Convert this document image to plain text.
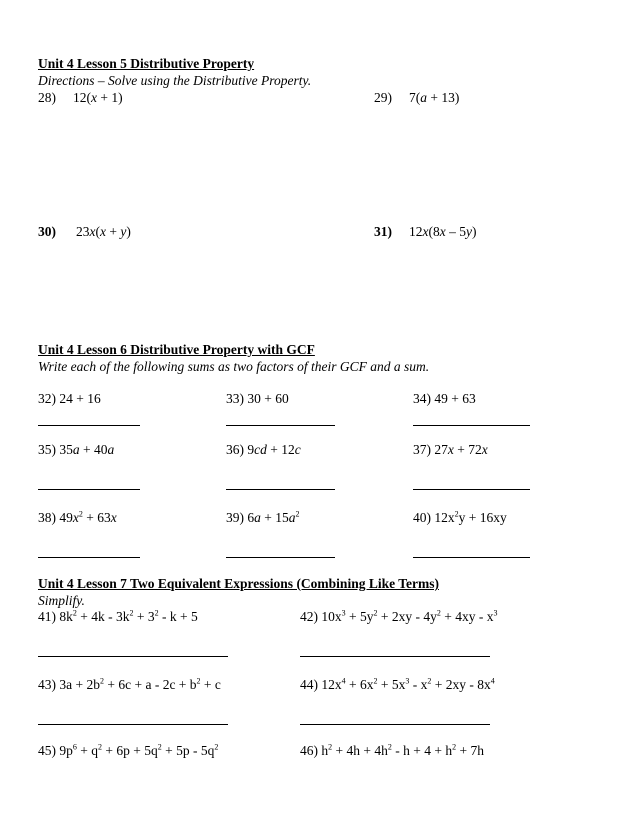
Unit 4 Lesson 5 Distributive Property
Directions – Solve using the Distributive Property.
28) 12(x + 1)	29) 7(a + 13)
30) 23x(x + y)	31) 12x(8x – 5y)
Unit 4 Lesson 6 Distributive Property with GCF
Write each of the following sums as two factors of their GCF and a sum.
32) 24 + 16	33) 30 + 60	34) 49 + 63
35) 35a + 40a	36) 9cd + 12c	37) 27x + 72x
38) $49x^2 + 63x$	39) $6a + 15a^2$	40) $12x^2y + 16xy$
Unit 4 Lesson 7 Two Equivalent Expressions (Combining Like Terms)
Simplify.
41) $8k^2 + 4k - 3k^2 + 3^2 - k + 5$	42) $10x^3 + 5y^2 + 2xy - 4y^2 + 4xy - x^3$
43) $3a + 2b^2 + 6c + a - 2c + b^2 + c$	44) $12x^4 + 6x^2 + 5x^3 - x^2 + 2xy - 8x^4$
45) $9p^6 + q^2 + 6p + 5q^2 + 5p - 5q^2$	46) $h^2 + 4h + 4h^2 - h + 4 + h^2 + 7h$
